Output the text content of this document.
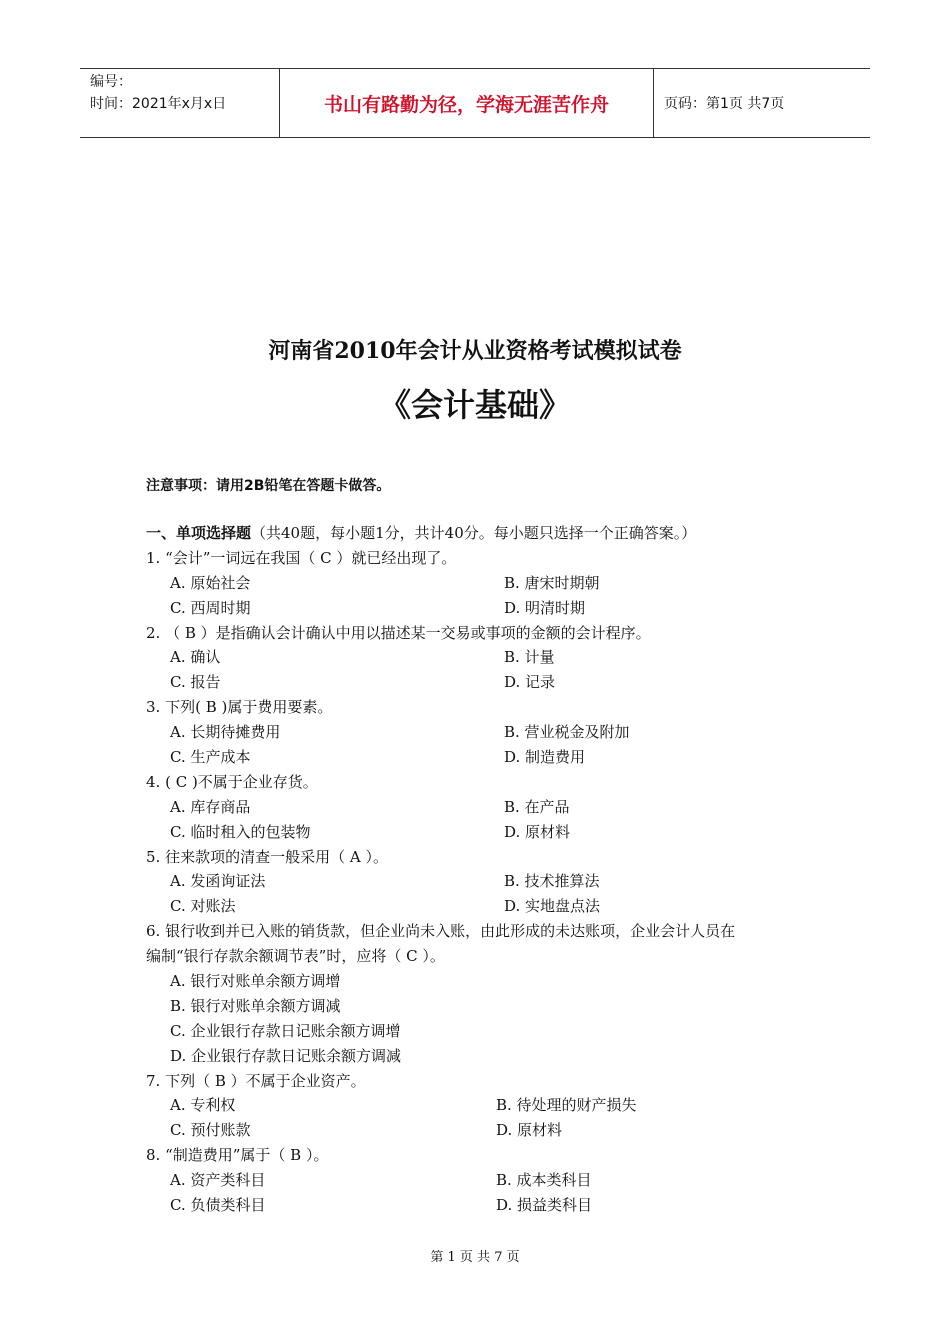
编号：
时间：2021年x月x日	书山有路勤为径，学海无涯苦作舟	页码：第1页 共7页
河南省2010年会计从业资格考试模拟试卷
《会计基础》
注意事项：请用2B铅笔在答题卡做答。
一、单项选择题（共40题，每小题1分，共计40分。每小题只选择一个正确答案。）
1. “会计”一词远在我国（ C ）就已经出现了。
A. 原始社会	B. 唐宋时期朝
C. 西周时期	D. 明清时期
2. （ B ）是指确认会计确认中用以描述某一交易或事项的金额的会计程序。
A. 确认	B. 计量
C. 报告	D. 记录
3. 下列( B )属于费用要素。
A. 长期待摊费用	B. 营业税金及附加
C. 生产成本	D. 制造费用
4. ( C )不属于企业存货。
A. 库存商品	B. 在产品
C. 临时租入的包装物	D. 原材料
5. 往来款项的清查一般采用（ A ）。
A. 发函询证法	B. 技术推算法
C. 对账法	D. 实地盘点法
6. 银行收到并已入账的销货款，但企业尚未入账，由此形成的未达账项，企业会计人员在
编制“银行存款余额调节表”时，应将（ C ）。
A. 银行对账单余额方调增
B. 银行对账单余额方调减
C. 企业银行存款日记账余额方调增
D. 企业银行存款日记账余额方调减
7. 下列（ B ）不属于企业资产。
A. 专利权	B. 待处理的财产损失
C. 预付账款	D. 原材料
8. “制造费用”属于（ B ）。
A. 资产类科目	B. 成本类科目
C. 负债类科目	D. 损益类科目
第 1 页 共 7 页
